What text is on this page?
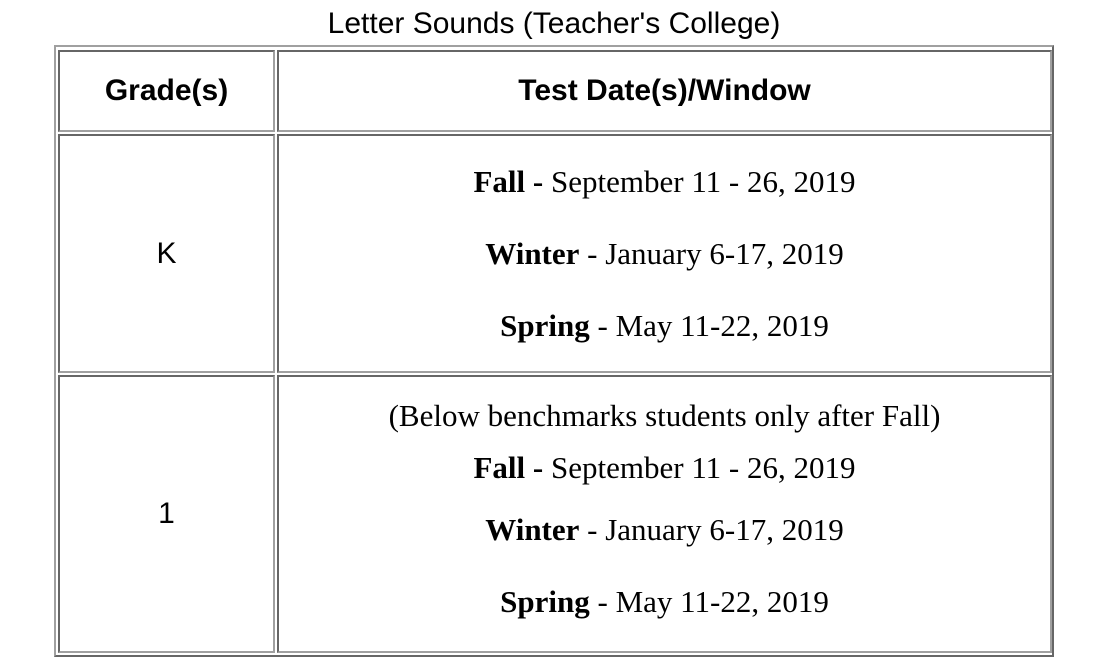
Letter Sounds (Teacher's College)
Grade(s)	Test Date(s)/Window
K
Fall - September 11 - 26, 2019
Winter - January 6-17, 2019
Spring - May 11-22, 2019
1
(Below benchmarks students only after Fall)
Fall - September 11 - 26, 2019
Winter - January 6-17, 2019
Spring - May 11-22, 2019
